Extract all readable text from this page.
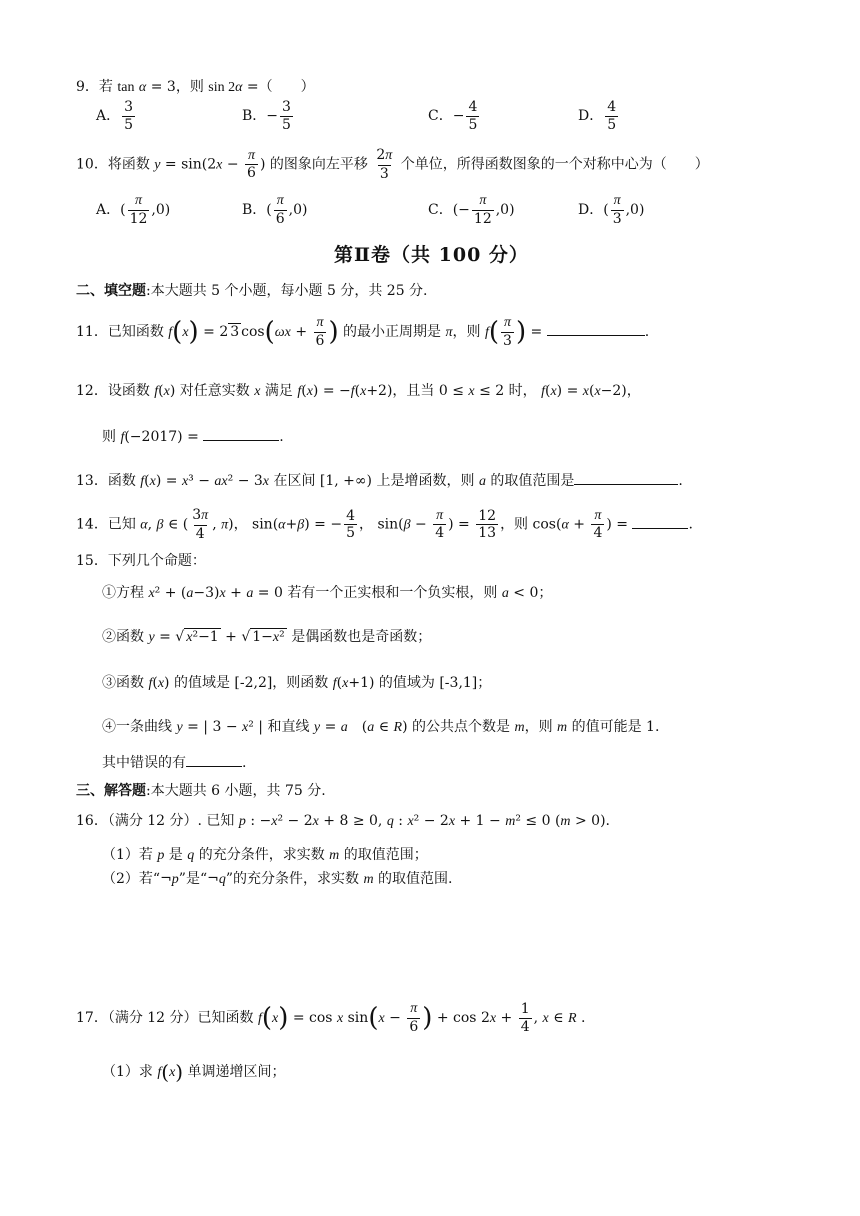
9．若 tan α = 3，则 sin 2α =（　　）
A． $\frac{3}{5}$	B．− $\frac{3}{5}$	C．− $\frac{4}{5}$	D． $\frac{4}{5}$
10．将函数 $y = \sin(2x - \frac{\pi}{6}$ ) 的图象向左平移 $\frac{2\pi}{3}$ 个单位，所得函数图象的一个对称中心为（　　）
A．( $\frac{\pi}{12} ,0$)	B．( $\frac{\pi}{6} ,0$)	C．(− $\frac{\pi}{12} ,0$)	D．( $\frac{\pi}{3} ,0$)
第Ⅱ卷（共 100 分）
二、填空题:本大题共 5 个小题，每小题 5 分，共 25 分.
11．已知函数 f(x) = 2 3 $\cos(\omega x + \frac{\pi}{6}$ ) 的最小正周期是 π，则 $f( \frac{\pi}{3}$ ) =	.
12．设函数 f(x) 对任意实数 x 满足 f(x) = −f(x+2)，且当 0 ≤ x ≤ 2 时， f(x) = x(x−2)，
则 f(−2017) =	.
13．函数 f(x) = x³ − ax² − 3x 在区间 [1, +∞) 上是增函数，则 a 的取值范围是	.
14．已知 α, β ∈ ( $\frac{3\pi}{4}$ , π)， sin(α+β) = − $\frac{4}{5}$ ， $\sin(\beta - \frac{\pi}{4}$ ) = $\frac{12}{13}$ ，则 $\cos(\alpha + \frac{\pi}{4}$ ) =	.
15．下列几个命题：
①方程 x² + (a−3)x + a = 0 若有一个正实根和一个负实根，则 a < 0；
②函数 y = √ x²−1 + √ 1−x² 是偶函数也是奇函数；
③函数 f(x) 的值域是 [-2,2]，则函数 f(x+1) 的值域为 [-3,1]；
④一条曲线 y = | 3 − x² | 和直线 y = a　(a ∈ R) 的公共点个数是 m，则 m 的值可能是 1.
其中错误的有	.
三、解答题:本大题共 6 小题，共 75 分.
16．（满分 12 分）. 已知 p : −x² − 2x + 8 ≥ 0, q : x² − 2x + 1 − m² ≤ 0 (m > 0).
（1）若 p 是 q 的充分条件，求实数 m 的取值范围；
（2）若“¬p”是“¬q”的充分条件，求实数 m 的取值范围.
17．（满分 12 分）已知函数 f(x) = cos x $\sin(x - \frac{\pi}{6}$ ) + $\cos 2x + \frac{1}{4}$ , x ∈ R .
（1）求 f(x) 单调递增区间；
